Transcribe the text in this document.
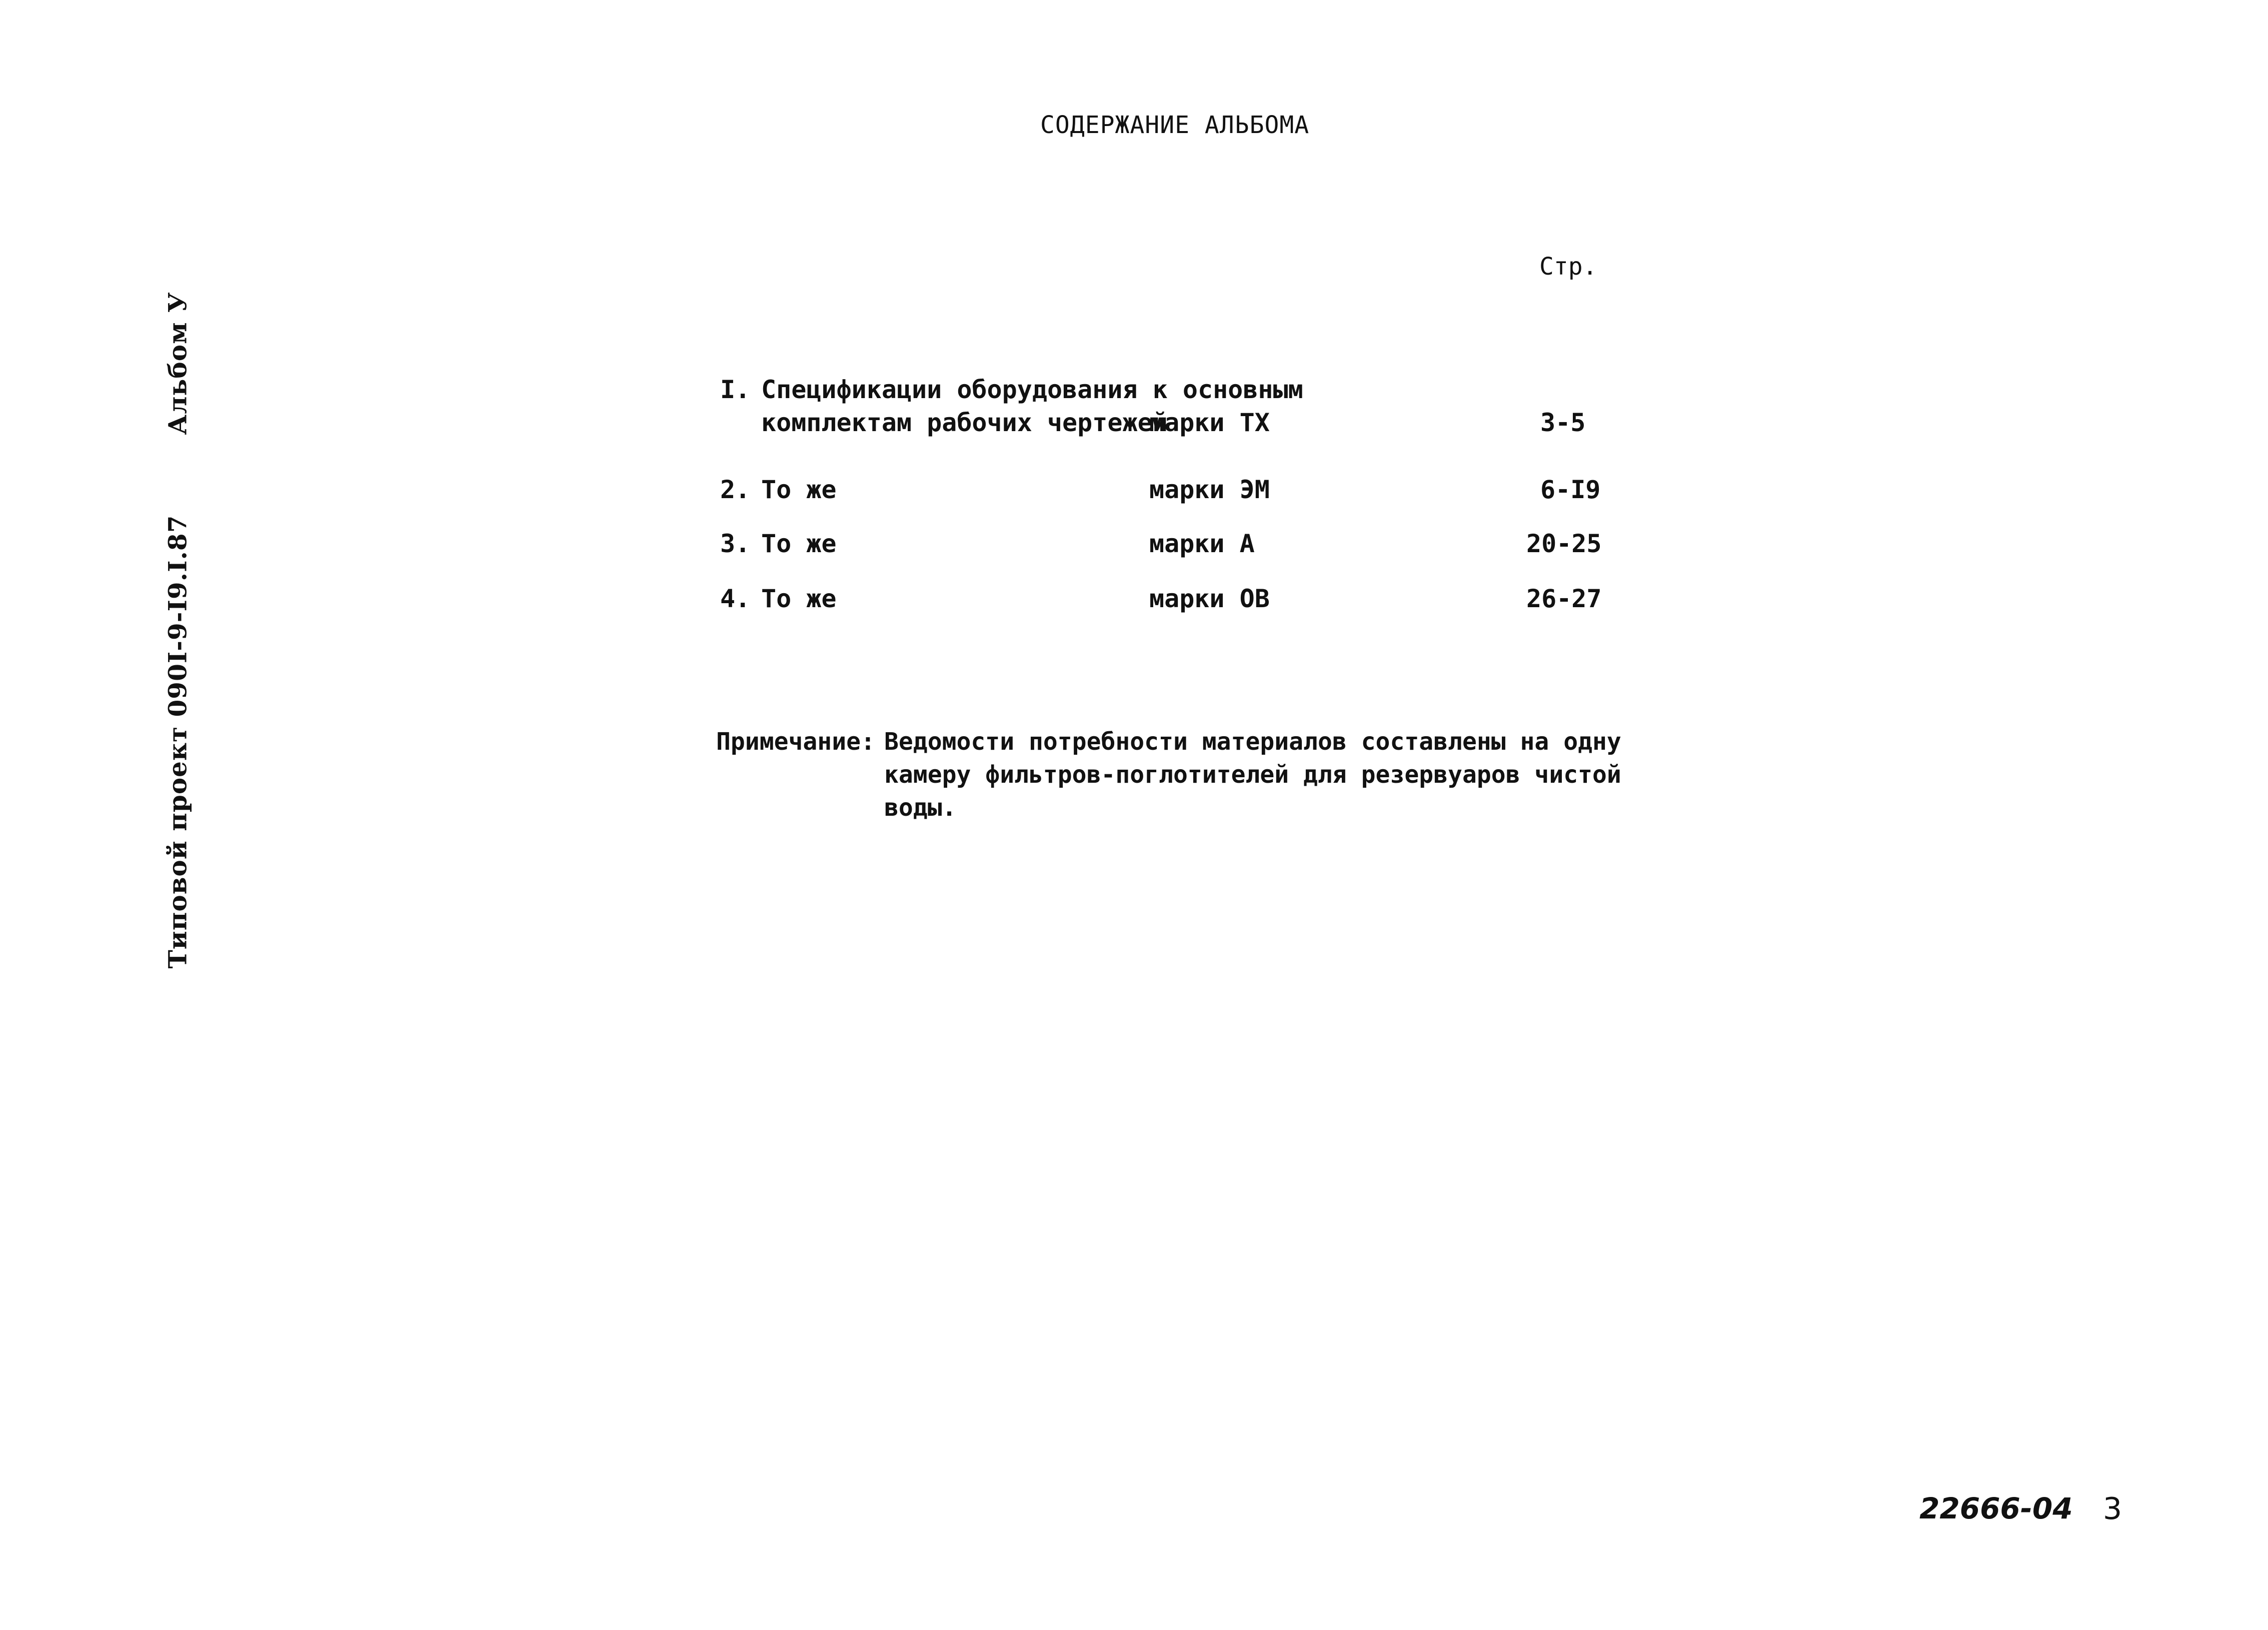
СОДЕРЖАНИЕ АЛЬБОМА
Стр.
I. Спецификации оборудования к основным
комплектам рабочих чертежей
марки ТХ	3-5
2. То же	марки ЭМ	6-I9
3. То же	марки А	20-25
4. То же	марки ОВ	26-27
Примечание: Ведомости потребности материалов составлены на одну
камеру фильтров-поглотителей для резервуаров чистой
воды.
Типовой проект 090I-9-I9.I.87Альбом У
22666-04 3
